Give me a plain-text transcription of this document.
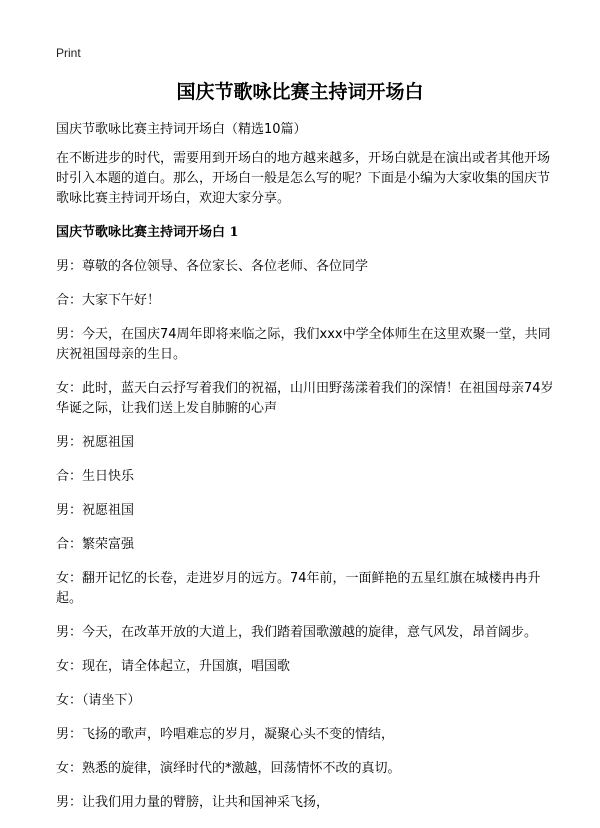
Print
国庆节歌咏比赛主持词开场白

国庆节歌咏比赛主持词开场白（精选10篇）

在不断进步的时代，需要用到开场白的地方越来越多，开场白就是在演出或者其他开场时引入本题的道白。那么，开场白一般是怎么写的呢？下面是小编为大家收集的国庆节歌咏比赛主持词开场白，欢迎大家分享。

国庆节歌咏比赛主持词开场白 1

男：尊敬的各位领导、各位家长、各位老师、各位同学

合：大家下午好！

男：今天，在国庆74周年即将来临之际，我们xxx中学全体师生在这里欢聚一堂，共同庆祝祖国母亲的生日。

女：此时，蓝天白云抒写着我们的祝福，山川田野荡漾着我们的深情！在祖国母亲74岁华诞之际，让我们送上发自肺腑的心声

男：祝愿祖国

合：生日快乐

男：祝愿祖国

合：繁荣富强

女：翻开记忆的长卷，走进岁月的远方。74年前，一面鲜艳的五星红旗在城楼冉冉升起。

男：今天，在改革开放的大道上，我们踏着国歌激越的旋律，意气风发，昂首阔步。

女：现在，请全体起立，升国旗，唱国歌

女：（请坐下）

男：飞扬的歌声，吟唱难忘的岁月，凝聚心头不变的情结，

女：熟悉的旋律，演绎时代的*激越，回荡情怀不改的真切。

男：让我们用力量的臂膀，让共和国神采飞扬，
